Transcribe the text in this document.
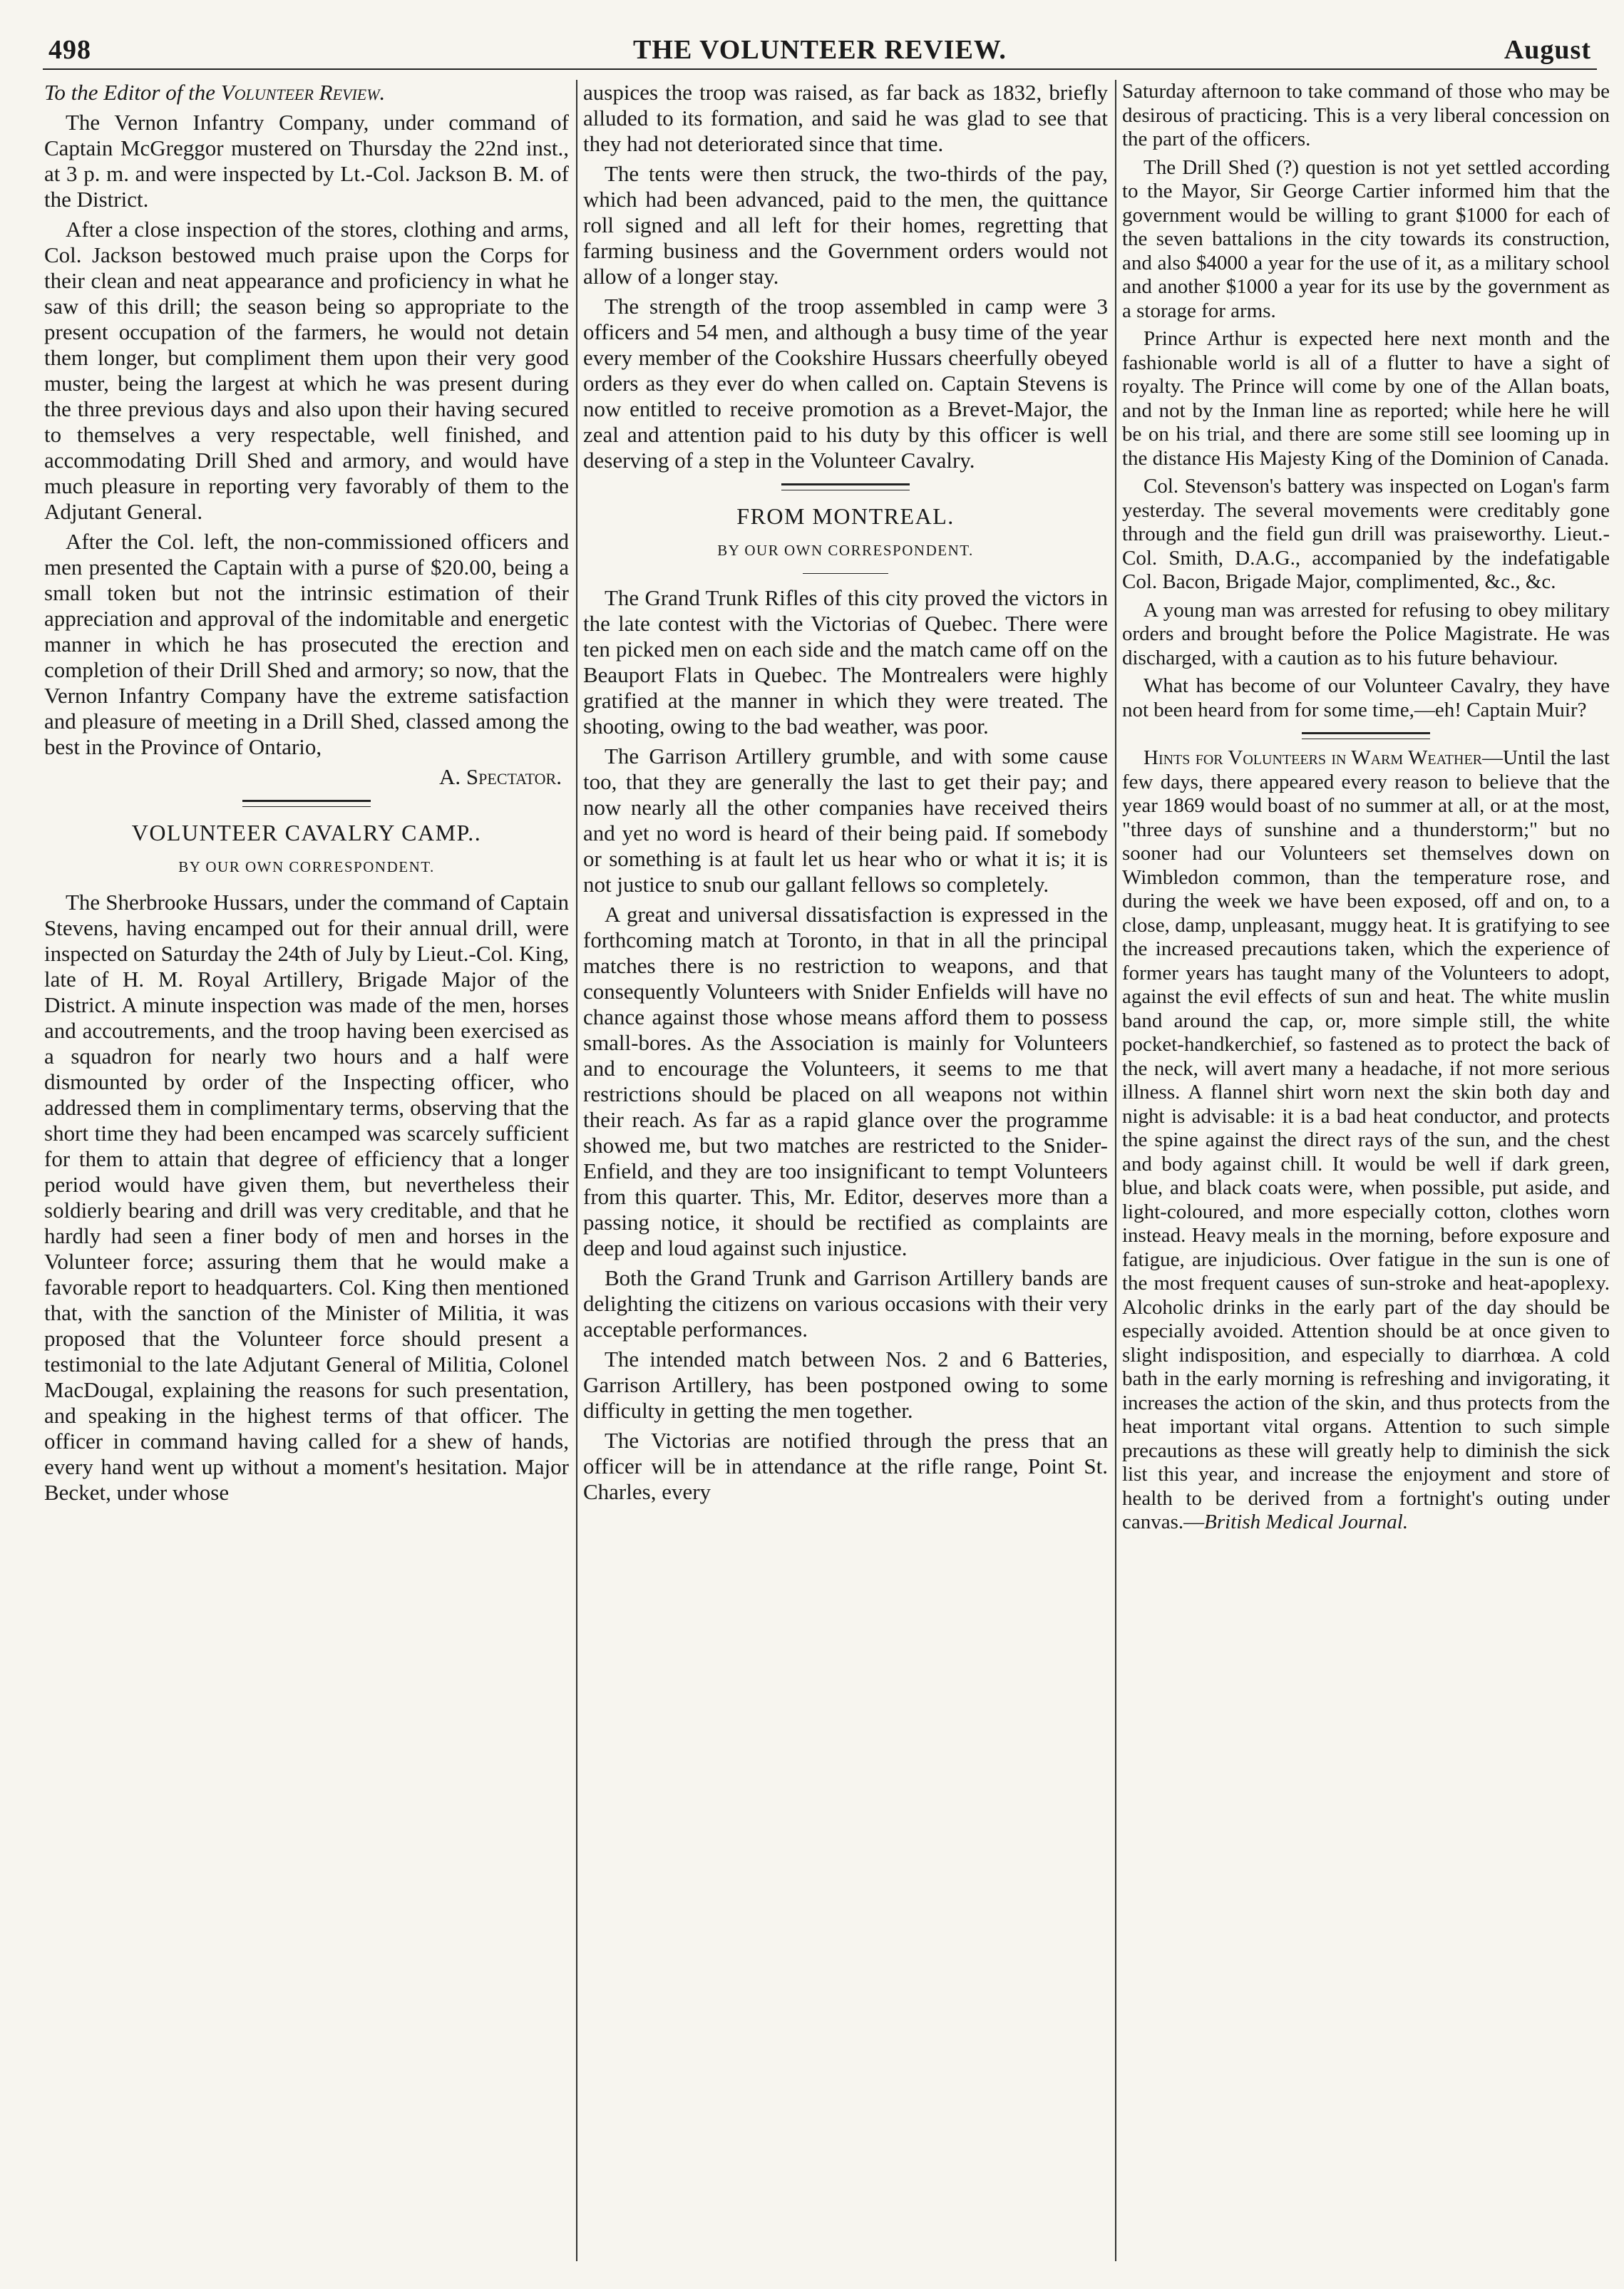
498	THE VOLUNTEER REVIEW.	August

To the Editor of the Volunteer Review.

The Vernon Infantry Company, under command of Captain McGreggor mustered on Thursday the 22nd inst., at 3 p. m. and were inspected by Lt.-Col. Jackson B. M. of the District.

After a close inspection of the stores, clothing and arms, Col. Jackson bestowed much praise upon the Corps for their clean and neat appearance and proficiency in what he saw of this drill; the season being so appropriate to the present occupation of the farmers, he would not detain them longer, but compliment them upon their very good muster, being the largest at which he was present during the three previous days and also upon their having secured to themselves a very respectable, well finished, and accommodating Drill Shed and armory, and would have much pleasure in reporting very favorably of them to the Adjutant General.

After the Col. left, the non-commissioned officers and men presented the Captain with a purse of $20.00, being a small token but not the intrinsic estimation of their appreciation and approval of the indomitable and energetic manner in which he has prosecuted the erection and completion of their Drill Shed and armory; so now, that the Vernon Infantry Company have the extreme satisfaction and pleasure of meeting in a Drill Shed, classed among the best in the Province of Ontario,

A. Spectator.
VOLUNTEER CAVALRY CAMP..
BY OUR OWN CORRESPONDENT.

The Sherbrooke Hussars, under the command of Captain Stevens, having encamped out for their annual drill, were inspected on Saturday the 24th of July by Lieut.-Col. King, late of H. M. Royal Artillery, Brigade Major of the District. A minute inspection was made of the men, horses and accoutrements, and the troop having been exercised as a squadron for nearly two hours and a half were dismounted by order of the Inspecting officer, who addressed them in complimentary terms, observing that the short time they had been encamped was scarcely sufficient for them to attain that degree of efficiency that a longer period would have given them, but nevertheless their soldierly bearing and drill was very creditable, and that he hardly had seen a finer body of men and horses in the Volunteer force; assuring them that he would make a favorable report to headquarters. Col. King then mentioned that, with the sanction of the Minister of Militia, it was proposed that the Volunteer force should present a testimonial to the late Adjutant General of Militia, Colonel MacDougal, explaining the reasons for such presentation, and speaking in the highest terms of that officer. The officer in command having called for a shew of hands, every hand went up without a moment's hesitation. Major Becket, under whose

auspices the troop was raised, as far back as 1832, briefly alluded to its formation, and said he was glad to see that they had not deteriorated since that time.

The tents were then struck, the two-thirds of the pay, which had been advanced, paid to the men, the quittance roll signed and all left for their homes, regretting that farming business and the Government orders would not allow of a longer stay.

The strength of the troop assembled in camp were 3 officers and 54 men, and although a busy time of the year every member of the Cookshire Hussars cheerfully obeyed orders as they ever do when called on. Captain Stevens is now entitled to receive promotion as a Brevet-Major, the zeal and attention paid to his duty by this officer is well deserving of a step in the Volunteer Cavalry.

FROM MONTREAL.
BY OUR OWN CORRESPONDENT.

The Grand Trunk Rifles of this city proved the victors in the late contest with the Victorias of Quebec. There were ten picked men on each side and the match came off on the Beauport Flats in Quebec. The Montrealers were highly gratified at the manner in which they were treated. The shooting, owing to the bad weather, was poor.

The Garrison Artillery grumble, and with some cause too, that they are generally the last to get their pay; and now nearly all the other companies have received theirs and yet no word is heard of their being paid. If somebody or something is at fault let us hear who or what it is; it is not justice to snub our gallant fellows so completely.

A great and universal dissatisfaction is expressed in the forthcoming match at Toronto, in that in all the principal matches there is no restriction to weapons, and that consequently Volunteers with Snider Enfields will have no chance against those whose means afford them to possess small-bores. As the Association is mainly for Volunteers and to encourage the Volunteers, it seems to me that restrictions should be placed on all weapons not within their reach. As far as a rapid glance over the programme showed me, but two matches are restricted to the Snider-Enfield, and they are too insignificant to tempt Volunteers from this quarter. This, Mr. Editor, deserves more than a passing notice, it should be rectified as complaints are deep and loud against such injustice.

Both the Grand Trunk and Garrison Artillery bands are delighting the citizens on various occasions with their very acceptable performances.

The intended match between Nos. 2 and 6 Batteries, Garrison Artillery, has been postponed owing to some difficulty in getting the men together.

The Victorias are notified through the press that an officer will be in attendance at the rifle range, Point St. Charles, every

Saturday afternoon to take command of those who may be desirous of practicing. This is a very liberal concession on the part of the officers.

The Drill Shed (?) question is not yet settled according to the Mayor, Sir George Cartier informed him that the government would be willing to grant $1000 for each of the seven battalions in the city towards its construction, and also $4000 a year for the use of it, as a military school and another $1000 a year for its use by the government as a storage for arms.

Prince Arthur is expected here next month and the fashionable world is all of a flutter to have a sight of royalty. The Prince will come by one of the Allan boats, and not by the Inman line as reported; while here he will be on his trial, and there are some still see looming up in the distance His Majesty King of the Dominion of Canada.

Col. Stevenson's battery was inspected on Logan's farm yesterday. The several movements were creditably gone through and the field gun drill was praiseworthy. Lieut.-Col. Smith, D.A.G., accompanied by the indefatigable Col. Bacon, Brigade Major, complimented, &c., &c.

A young man was arrested for refusing to obey military orders and brought before the Police Magistrate. He was discharged, with a caution as to his future behaviour.

What has become of our Volunteer Cavalry, they have not been heard from for some time,—eh! Captain Muir?

Hints for Volunteers in Warm Weather—Until the last few days, there appeared every reason to believe that the year 1869 would boast of no summer at all, or at the most, "three days of sunshine and a thunderstorm;" but no sooner had our Volunteers set themselves down on Wimbledon common, than the temperature rose, and during the week we have been exposed, off and on, to a close, damp, unpleasant, muggy heat. It is gratifying to see the increased precautions taken, which the experience of former years has taught many of the Volunteers to adopt, against the evil effects of sun and heat. The white muslin band around the cap, or, more simple still, the white pocket-handkerchief, so fastened as to protect the back of the neck, will avert many a headache, if not more serious illness. A flannel shirt worn next the skin both day and night is advisable: it is a bad heat conductor, and protects the spine against the direct rays of the sun, and the chest and body against chill. It would be well if dark green, blue, and black coats were, when possible, put aside, and light-coloured, and more especially cotton, clothes worn instead. Heavy meals in the morning, before exposure and fatigue, are injudicious. Over fatigue in the sun is one of the most frequent causes of sun-stroke and heat-apoplexy. Alcoholic drinks in the early part of the day should be especially avoided. Attention should be at once given to slight indisposition, and especially to diarrhœa. A cold bath in the early morning is refreshing and invigorating, it increases the action of the skin, and thus protects from the heat important vital organs. Attention to such simple precautions as these will greatly help to diminish the sick list this year, and increase the enjoyment and store of health to be derived from a fortnight's outing under canvas.—British Medical Journal.
